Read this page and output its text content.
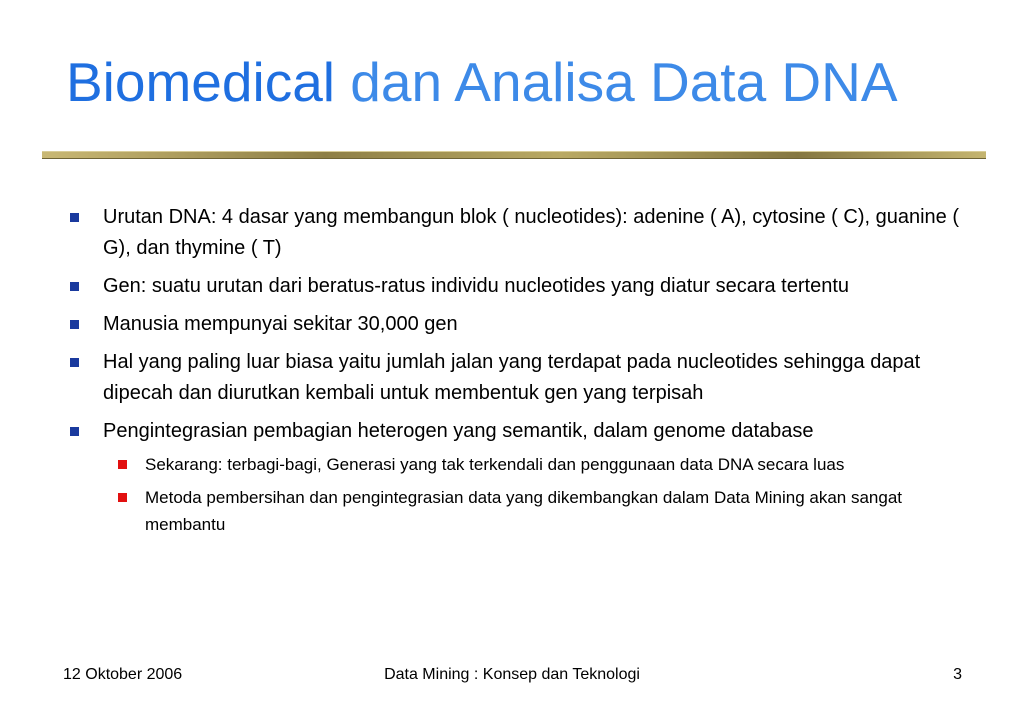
Biomedical dan Analisa Data DNA
Urutan DNA: 4 dasar yang membangun blok ( nucleotides): adenine ( A), cytosine ( C), guanine ( G), dan thymine ( T)
Gen: suatu urutan dari beratus-ratus individu nucleotides yang diatur secara tertentu
Manusia mempunyai sekitar 30,000 gen
Hal yang paling luar biasa yaitu jumlah jalan yang terdapat pada nucleotides sehingga dapat dipecah dan diurutkan kembali untuk membentuk gen yang terpisah
Pengintegrasian pembagian heterogen yang semantik, dalam genome database
Sekarang: terbagi-bagi, Generasi yang tak terkendali dan penggunaan data DNA secara luas
Metoda pembersihan dan pengintegrasian data yang dikembangkan dalam Data Mining akan sangat membantu
12 Oktober 2006	Data Mining : Konsep dan Teknologi	3
